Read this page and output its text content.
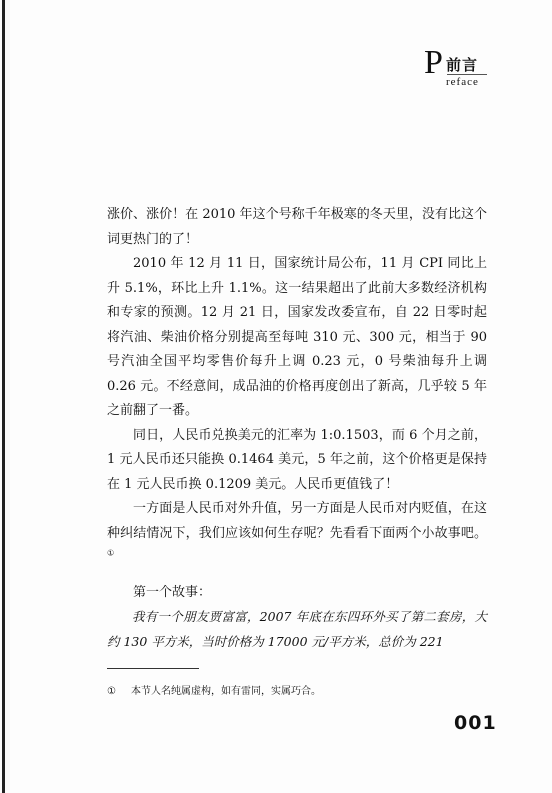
P 前言
reface

涨价、涨价！在 2010 年这个号称千年极寒的冬天里，没有比这个词更热门的了！

2010 年 12 月 11 日，国家统计局公布，11 月 CPI 同比上升 5.1%，环比上升 1.1%。这一结果超出了此前大多数经济机构和专家的预测。12 月 21 日，国家发改委宣布，自 22 日零时起将汽油、柴油价格分别提高至每吨 310 元、300 元，相当于 90 号汽油全国平均零售价每升上调 0.23 元，0 号柴油每升上调 0.26 元。不经意间，成品油的价格再度创出了新高，几乎较 5 年之前翻了一番。

同日，人民币兑换美元的汇率为 1:0.1503，而 6 个月之前，1 元人民币还只能换 0.1464 美元，5 年之前，这个价格更是保持在 1 元人民币换 0.1209 美元。人民币更值钱了！

一方面是人民币对外升值，另一方面是人民币对内贬值，在这种纠结情况下，我们应该如何生存呢？先看看下面两个小故事吧。①

第一个故事：

我有一个朋友贾富富，2007 年底在东四环外买了第二套房，大约 130 平方米，当时价格为 17000 元/平方米，总价为 221

① 本节人名纯属虚构，如有雷同，实属巧合。
001
